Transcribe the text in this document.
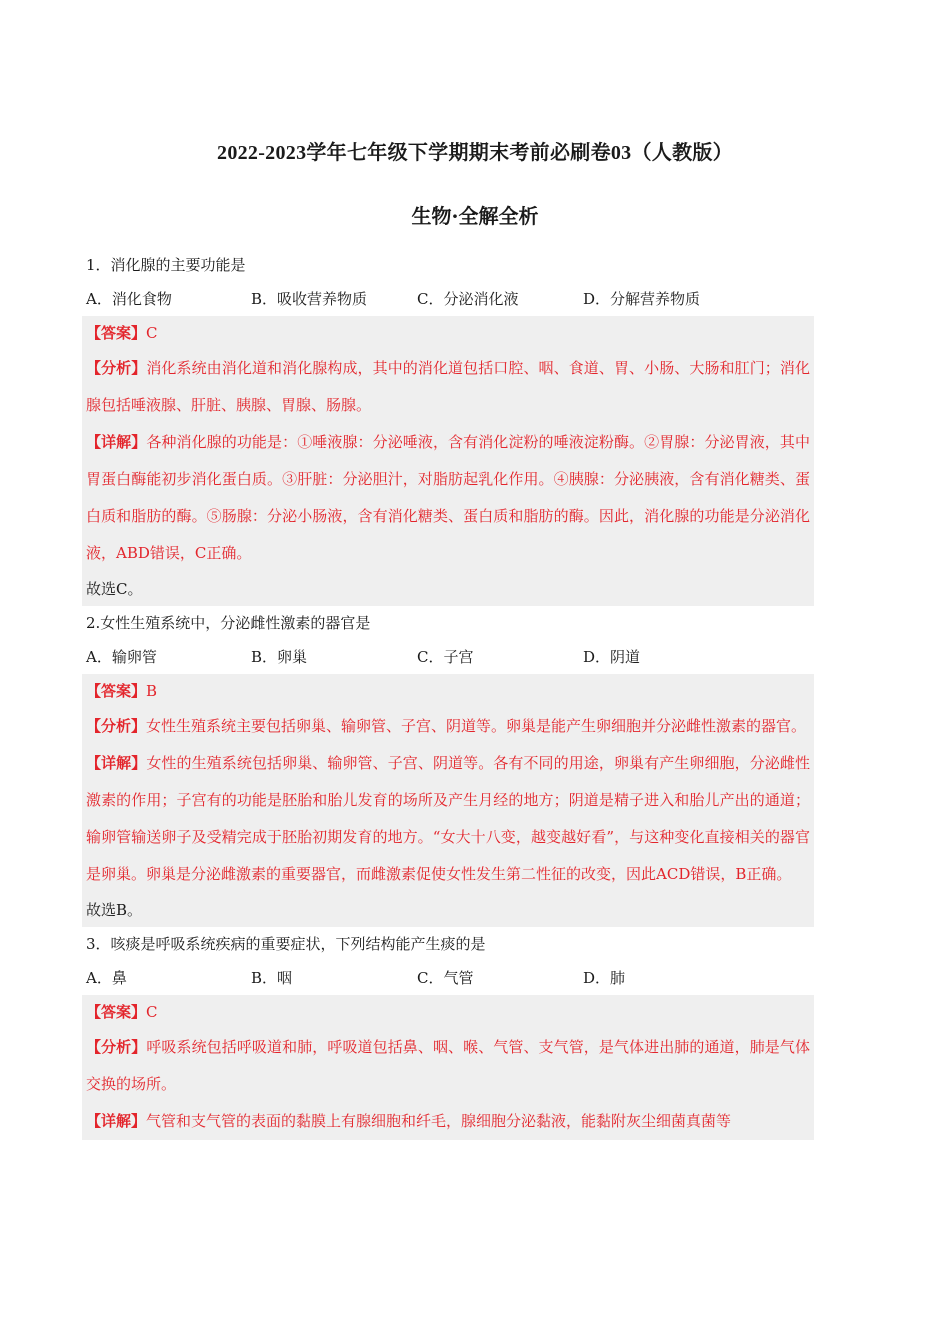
2022-2023学年七年级下学期期末考前必刷卷03（人教版）
生物·全解全析
1．消化腺的主要功能是
A．消化食物	B．吸收营养物质	C．分泌消化液	D．分解营养物质
【答案】C
【分析】消化系统由消化道和消化腺构成，其中的消化道包括口腔、咽、食道、胃、小肠、大肠和肛门；消化腺包括唾液腺、肝脏、胰腺、胃腺、肠腺。
【详解】各种消化腺的功能是：①唾液腺：分泌唾液，含有消化淀粉的唾液淀粉酶。②胃腺：分泌胃液，其中胃蛋白酶能初步消化蛋白质。③肝脏：分泌胆汁，对脂肪起乳化作用。④胰腺：分泌胰液，含有消化糖类、蛋白质和脂肪的酶。⑤肠腺：分泌小肠液，含有消化糖类、蛋白质和脂肪的酶。因此，消化腺的功能是分泌消化液，ABD错误，C正确。
故选C。
2.女性生殖系统中，分泌雌性激素的器官是
A．输卵管	B．卵巢	C．子宫	D．阴道
【答案】B
【分析】女性生殖系统主要包括卵巢、输卵管、子宫、阴道等。卵巢是能产生卵细胞并分泌雌性激素的器官。
【详解】女性的生殖系统包括卵巢、输卵管、子宫、阴道等。各有不同的用途，卵巢有产生卵细胞，分泌雌性激素的作用；子宫有的功能是胚胎和胎儿发育的场所及产生月经的地方；阴道是精子进入和胎儿产出的通道；输卵管输送卵子及受精完成于胚胎初期发育的地方。“女大十八变，越变越好看”，与这种变化直接相关的器官是卵巢。卵巢是分泌雌激素的重要器官，而雌激素促使女性发生第二性征的改变，因此ACD错误，B正确。
故选B。
3．咳痰是呼吸系统疾病的重要症状，下列结构能产生痰的是
A．鼻	B．咽	C．气管	D．肺
【答案】C
【分析】呼吸系统包括呼吸道和肺，呼吸道包括鼻、咽、喉、气管、支气管，是气体进出肺的通道，肺是气体交换的场所。
【详解】气管和支气管的表面的黏膜上有腺细胞和纤毛，腺细胞分泌黏液，能黏附灰尘细菌真菌等
